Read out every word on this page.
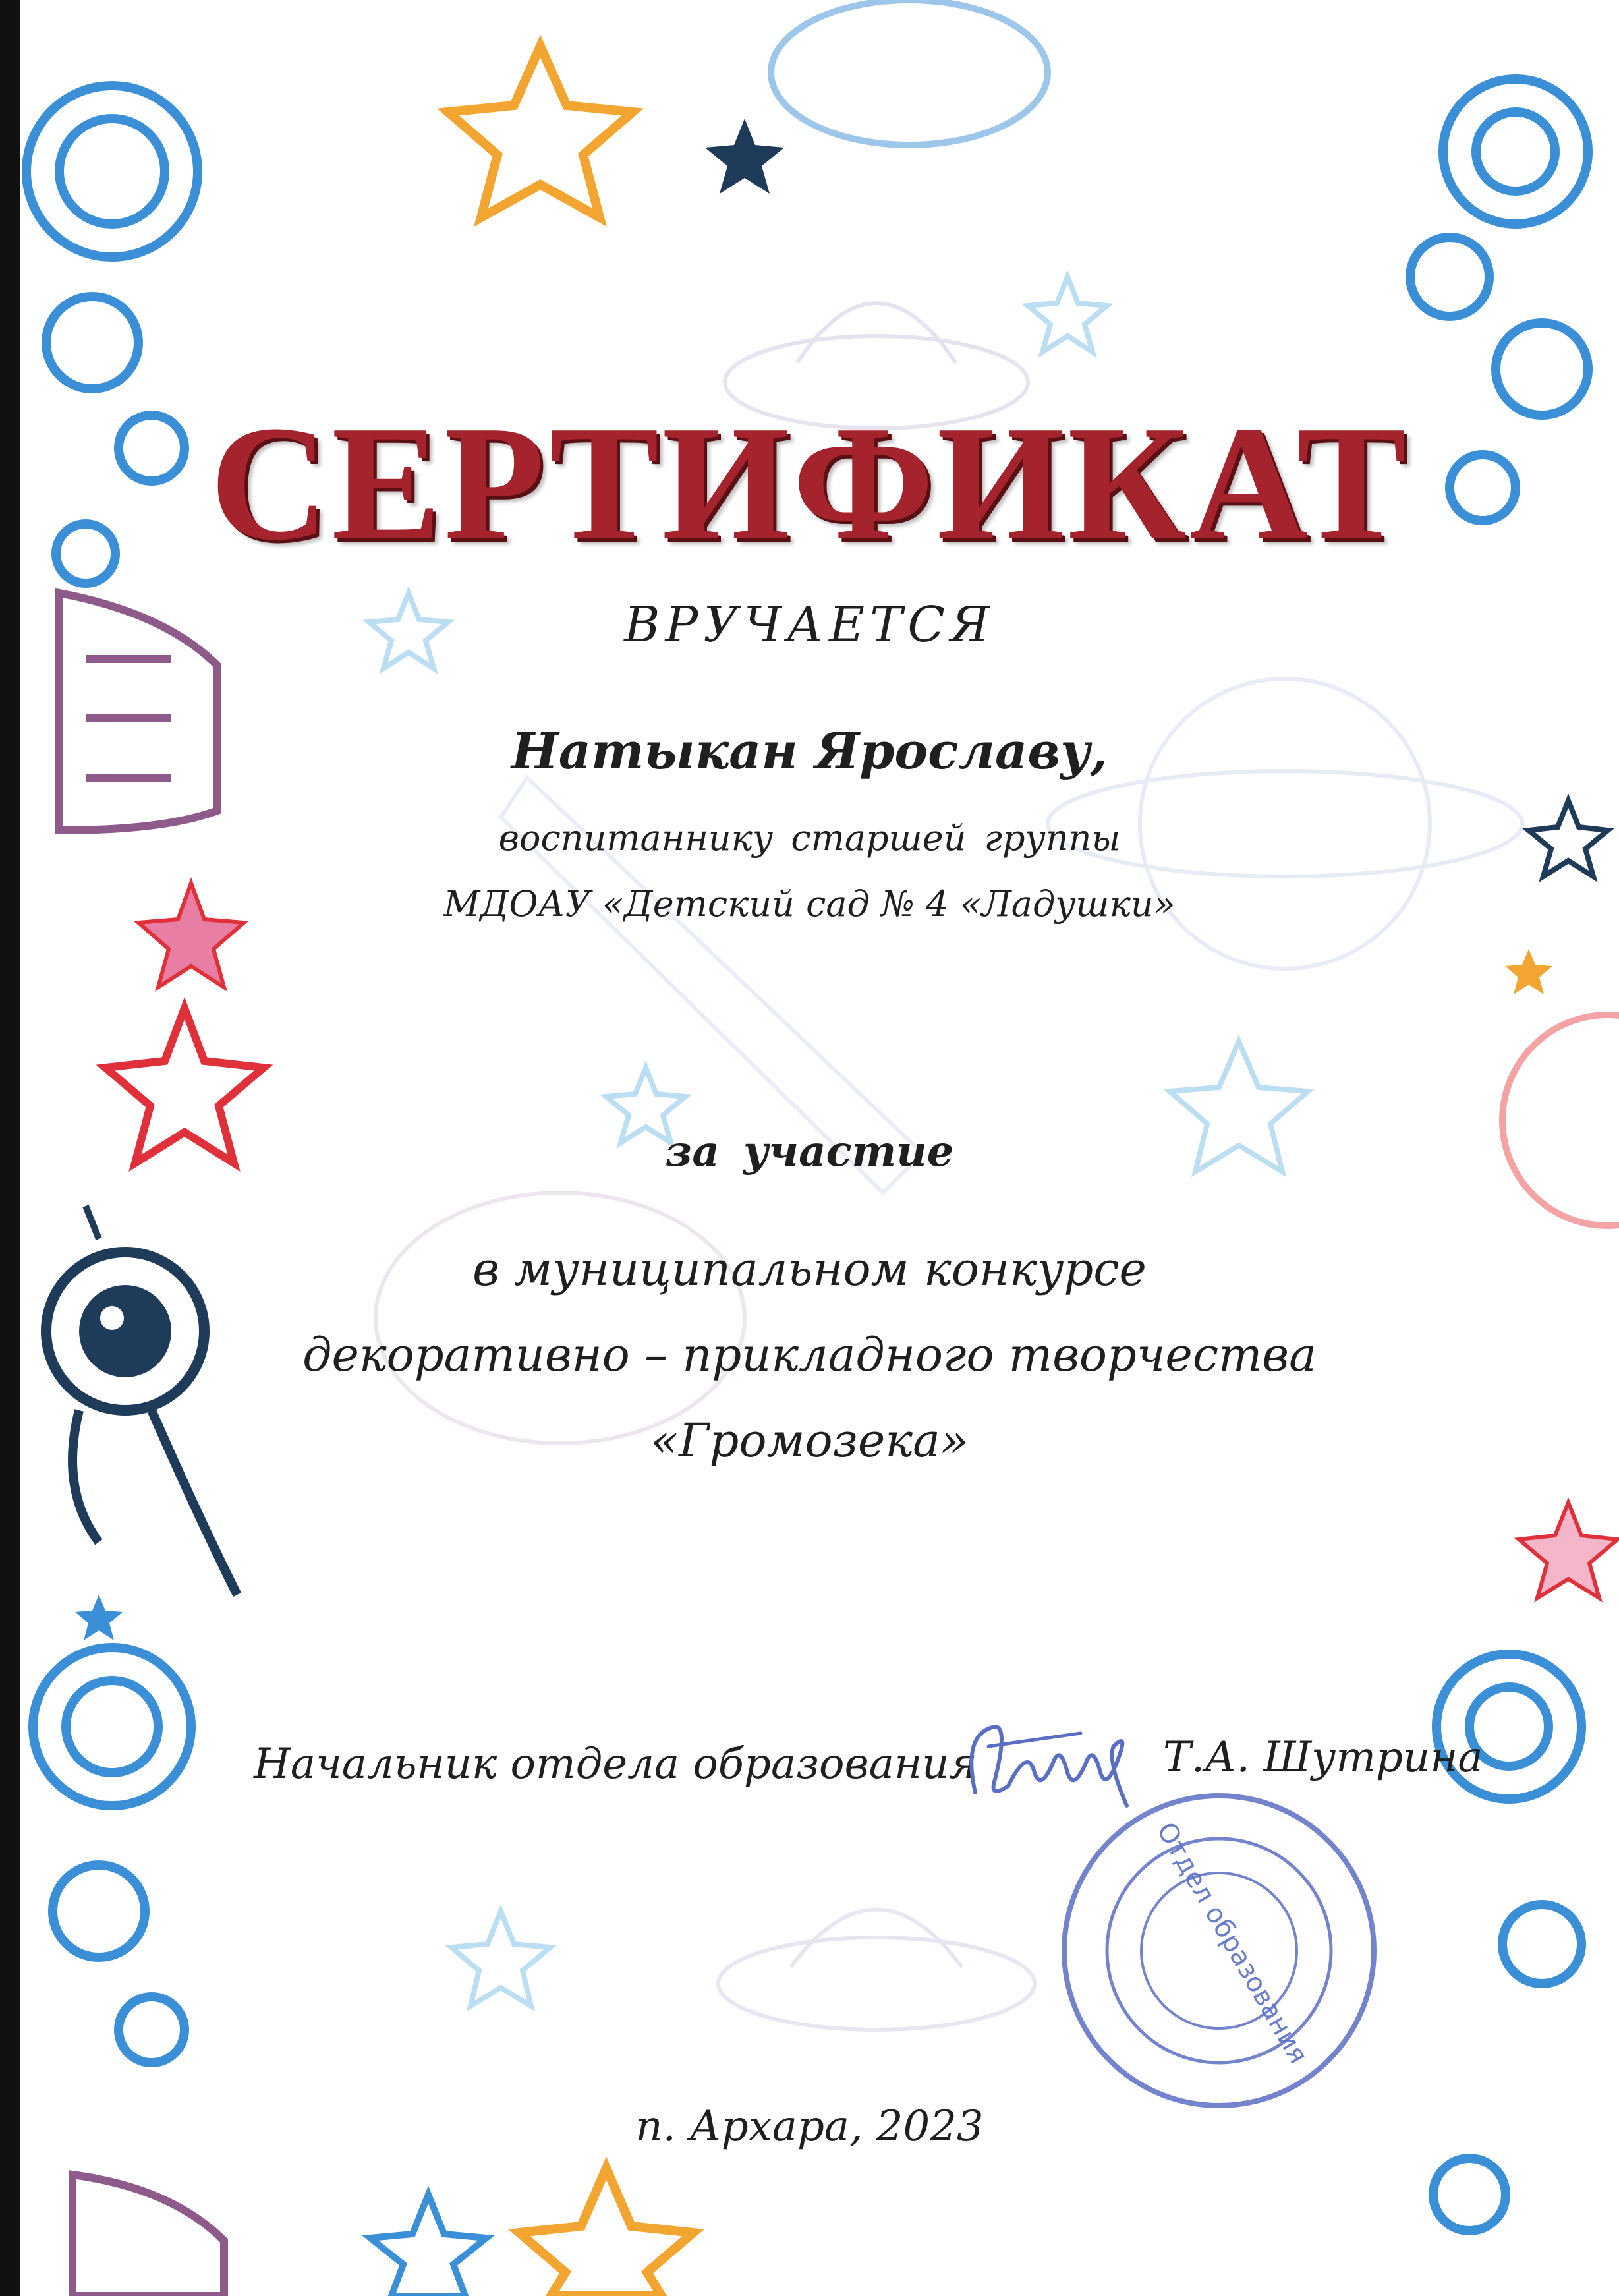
СЕРТИФИКАТ
ВРУЧАЕТСЯ
Натыкан Ярославу,
воспитаннику старшей группы
МДОАУ «Детский сад № 4 «Ладушки»
за участие
в муниципальном конкурсе
декоративно – прикладного творчества
«Громозека»
Начальник отдела образования	Т.А. Шутрина
Отдел образования
п. Архара, 2023
